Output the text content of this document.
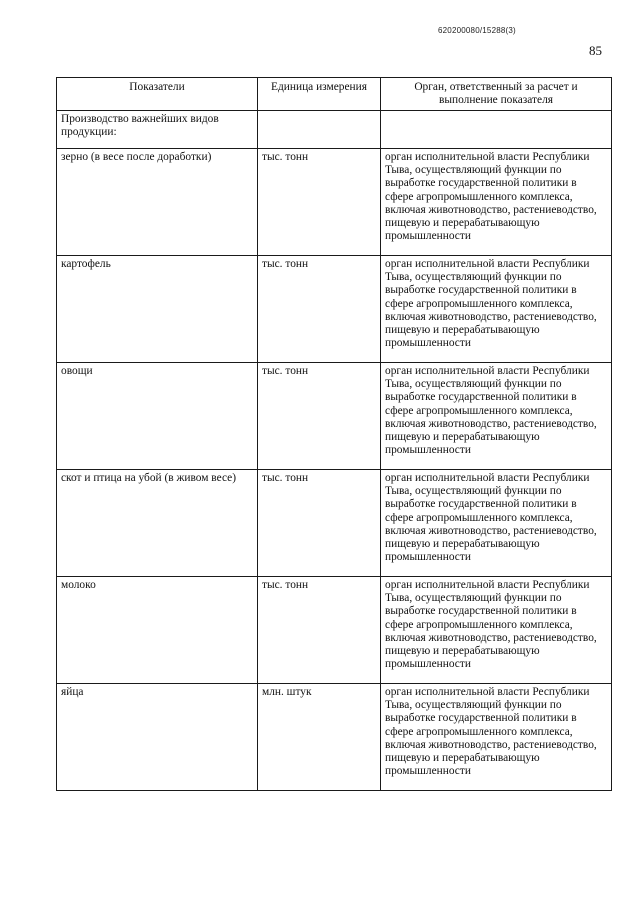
620200080/15288(3)
85
Показатели	Единица измерения	Орган, ответственный за расчет и выполнение показателя
Производство важнейших видов продукции:		
зерно (в весе после доработки)	тыс. тонн	орган исполнительной власти Республики Тыва, осуществляющий функции по выработке государственной политики в сфере агропромышленного комплекса, включая животноводство, растениеводство, пищевую и перерабатывающую промышленности
картофель	тыс. тонн	орган исполнительной власти Республики Тыва, осуществляющий функции по выработке государственной политики в сфере агропромышленного комплекса, включая животноводство, растениеводство, пищевую и перерабатывающую промышленности
овощи	тыс. тонн	орган исполнительной власти Республики Тыва, осуществляющий функции по выработке государственной политики в сфере агропромышленного комплекса, включая животноводство, растениеводство, пищевую и перерабатывающую промышленности
скот и птица на убой (в живом весе)	тыс. тонн	орган исполнительной власти Республики Тыва, осуществляющий функции по выработке государственной политики в сфере агропромышленного комплекса, включая животноводство, растениеводство, пищевую и перерабатывающую промышленности
молоко	тыс. тонн	орган исполнительной власти Республики Тыва, осуществляющий функции по выработке государственной политики в сфере агропромышленного комплекса, включая животноводство, растениеводство, пищевую и перерабатывающую промышленности
яйца	млн. штук	орган исполнительной власти Республики Тыва, осуществляющий функции по выработке государственной политики в сфере агропромышленного комплекса, включая животноводство, растениеводство, пищевую и перерабатывающую промышленности
